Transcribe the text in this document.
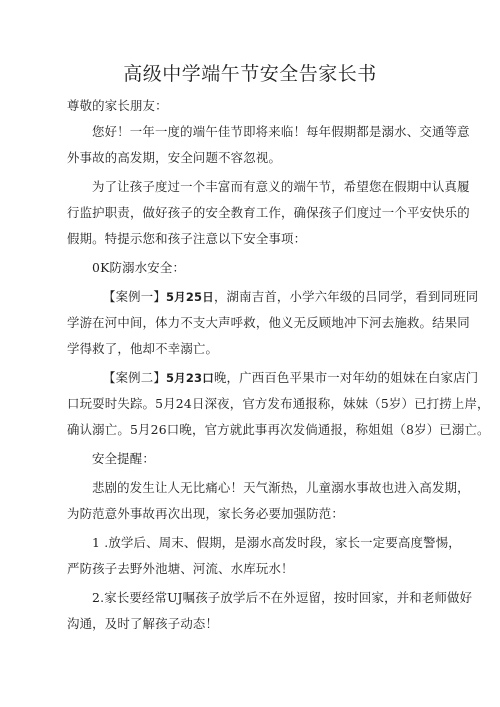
高级中学端午节安全告家长书
尊敬的家长朋友：
您好！一年一度的端午佳节即将来临！每年假期都是溺水、交通等意
外事故的高发期，安全问题不容忽视。
为了让孩子度过一个丰富而有意义的端午节，希望您在假期中认真履
行监护职责，做好孩子的安全教育工作，确保孩子们度过一个平安快乐的
假期。特提示您和孩子注意以下安全事项：
0K防溺水安全：
【案例一】5月25日，湖南吉首，小学六年级的吕同学，看到同班同
学游在河中间，体力不支大声呼救，他义无反顾地冲下河去施救。结果同
学得救了，他却不幸溺亡。
【案例二】5月23口晚，广西百色平果市一对年幼的姐妹在白家店门
口玩耍时失踪。5月24日深夜，官方发布通报称，妹妹（5岁）已打捞上岸，
确认溺亡。5月26口晚，官方就此事再次发倘通报，称姐姐（8岁）已溺亡。
安全提醒：
悲剧的发生让人无比痛心！天气渐热，儿童溺水事故也进入高发期，
为防范意外事故再次出现，家长务必要加强防范：
1 .放学后、周末、假期，是溺水高发时段，家长一定要高度警惕，
严防孩子去野外池塘、河流、水库玩水！
2.家长要经常UJ嘱孩子放学后不在外逗留，按时回家，并和老师做好
沟通，及时了解孩子动态！
